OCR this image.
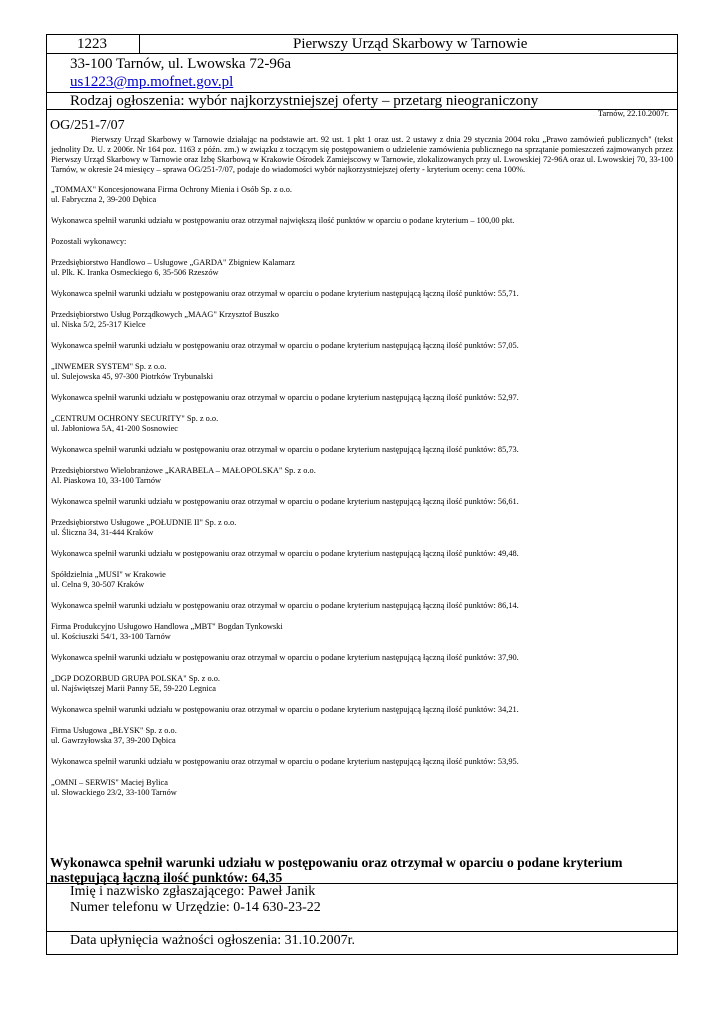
1223	Pierwszy Urząd Skarbowy w Tarnowie
33-100 Tarnów, ul. Lwowska 72-96a
us1223@mp.mofnet.gov.pl
Rodzaj ogłoszenia: wybór najkorzystniejszej oferty – przetarg nieograniczony
Tarnów, 22.10.2007r.
OG/251-7/07
Pierwszy Urząd Skarbowy w Tarnowie działając na podstawie art. 92 ust. 1 pkt 1 oraz ust. 2 ustawy z dnia 29 stycznia 2004 roku „Prawo zamówień publicznych" (tekst jednolity Dz. U. z 2006r. Nr 164 poz. 1163 z późn. zm.) w związku z toczącym się postępowaniem o udzielenie zamówienia publicznego na sprzątanie pomieszczeń zajmowanych przez Pierwszy Urząd Skarbowy w Tarnowie oraz Izbę Skarbową w Krakowie Ośrodek Zamiejscowy w Tarnowie, zlokalizowanych przy ul. Lwowskiej 72-96A oraz ul. Lwowskiej 70, 33-100 Tarnów, w okresie 24 miesięcy – sprawa OG/251-7/07, podaje do wiadomości wybór najkorzystniejszej oferty - kryterium oceny: cena 100%.

„TOMMAX" Koncesjonowana Firma Ochrony Mienia i Osób Sp. z o.o.
ul. Fabryczna 2, 39-200 Dębica

Wykonawca spełnił warunki udziału w postępowaniu oraz otrzymał największą ilość punktów w oparciu o podane kryterium – 100,00 pkt.

Pozostali wykonawcy:

Przedsiębiorstwo Handlowo – Usługowe „GARDA" Zbigniew Kalamarz
ul. Plk. K. Iranka Osmeckiego 6, 35-506 Rzeszów

Wykonawca spełnił warunki udziału w postępowaniu oraz otrzymał w oparciu o podane kryterium następującą łączną ilość punktów: 55,71.

Przedsiębiorstwo Usług Porządkowych „MAAG" Krzysztof Buszko
ul. Niska 5/2, 25-317 Kielce

Wykonawca spełnił warunki udziału w postępowaniu oraz otrzymał w oparciu o podane kryterium następującą łączną ilość punktów: 57,05.

„INWEMER SYSTEM" Sp. z o.o.
ul. Sulejowska 45, 97-300 Piotrków Trybunalski

Wykonawca spełnił warunki udziału w postępowaniu oraz otrzymał w oparciu o podane kryterium następującą łączną ilość punktów: 52,97.

„CENTRUM OCHRONY SECURITY" Sp. z o.o.
ul. Jabłoniowa 5A, 41-200 Sosnowiec

Wykonawca spełnił warunki udziału w postępowaniu oraz otrzymał w oparciu o podane kryterium następującą łączną ilość punktów: 85,73.

Przedsiębiorstwo Wielobranżowe „KARABELA – MAŁOPOLSKA" Sp. z o.o.
Al. Piaskowa 10, 33-100 Tarnów

Wykonawca spełnił warunki udziału w postępowaniu oraz otrzymał w oparciu o podane kryterium następującą łączną ilość punktów: 56,61.

Przedsiębiorstwo Usługowe „POŁUDNIE II" Sp. z o.o.
ul. Śliczna 34, 31-444 Kraków

Wykonawca spełnił warunki udziału w postępowaniu oraz otrzymał w oparciu o podane kryterium następującą łączną ilość punktów: 49,48.

Spółdzielnia „MUSI" w Krakowie
ul. Celna 9, 30-507 Kraków

Wykonawca spełnił warunki udziału w postępowaniu oraz otrzymał w oparciu o podane kryterium następującą łączną ilość punktów: 86,14.

Firma Produkcyjno Usługowo Handlowa „MBT" Bogdan Tynkowski
ul. Kościuszki 54/1, 33-100 Tarnów

Wykonawca spełnił warunki udziału w postępowaniu oraz otrzymał w oparciu o podane kryterium następującą łączną ilość punktów: 37,90.

„DGP DOZORBUD GRUPA POLSKA" Sp. z o.o.
ul. Najświętszej Marii Panny 5E, 59-220 Legnica

Wykonawca spełnił warunki udziału w postępowaniu oraz otrzymał w oparciu o podane kryterium następującą łączną ilość punktów: 34,21.

Firma Usługowa „BŁYSK" Sp. z o.o.
ul. Gawrzyłowska 37, 39-200 Dębica

Wykonawca spełnił warunki udziału w postępowaniu oraz otrzymał w oparciu o podane kryterium następującą łączną ilość punktów: 53,95.

„OMNI – SERWIS" Maciej Bylica
ul. Słowackiego 23/2, 33-100 Tarnów

Wykonawca spełnił warunki udziału w postępowaniu oraz otrzymał w oparciu o podane kryterium następującą łączną ilość punktów: 64,35
Imię i nazwisko zgłaszającego: Paweł Janik
Numer telefonu w Urzędzie: 0-14 630-23-22
Data upłynięcia ważności ogłoszenia: 31.10.2007r.
